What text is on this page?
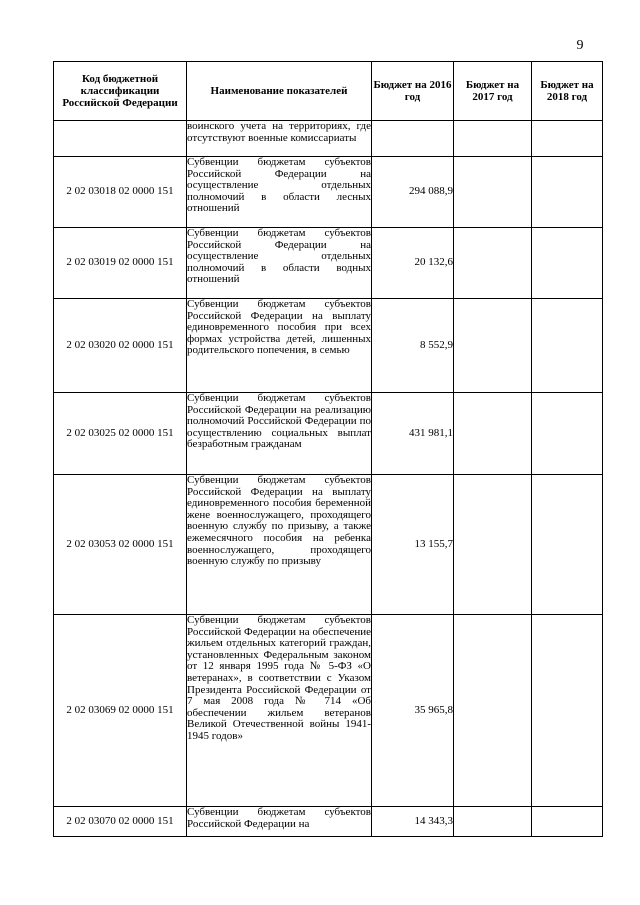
9
Код бюджетной классификации Российской Федерации	Наименование показателей	Бюджет на 2016 год	Бюджет на 2017 год	Бюджет на 2018 год

	воинского учета на территориях, где отсутствуют военные комиссариаты			

2 02 03018 02 0000 151	Субвенции бюджетам субъектов Российской Федерации на осуществление отдельных полномочий в области лесных отношений	294 088,9		
2 02 03019 02 0000 151	Субвенции бюджетам субъектов Российской Федерации на осуществление отдельных полномочий в области водных отношений	20 132,6		
2 02 03020 02 0000 151	Субвенции бюджетам субъектов Российской Федерации на выплату единовременного пособия при всех формах устройства детей, лишенных родительского попечения, в семью	8 552,9		
2 02 03025 02 0000 151	Субвенции бюджетам субъектов Российской Федерации на реализацию полномочий Российской Федерации по осуществлению социальных выплат безработным гражданам	431 981,1		
2 02 03053 02 0000 151	Субвенции бюджетам субъектов Российской Федерации на выплату единовременного пособия беременной жене военнослужащего, проходящего военную службу по призыву, а также ежемесячного пособия на ребенка военнослужащего, проходящего военную службу по призыву	13 155,7		
2 02 03069 02 0000 151	Субвенции бюджетам субъектов Российской Федерации на обеспечение жильем отдельных категорий граждан, установленных Федеральным законом от 12 января 1995 года № 5-ФЗ «О ветеранах», в соответствии с Указом Президента Российской Федерации от 7 мая 2008 года № 714 «Об обеспечении жильем ветеранов Великой Отечественной войны 1941-1945 годов»	35 965,8		
2 02 03070 02 0000 151	Субвенции бюджетам субъектов Российской Федерации на	14 343,3		
